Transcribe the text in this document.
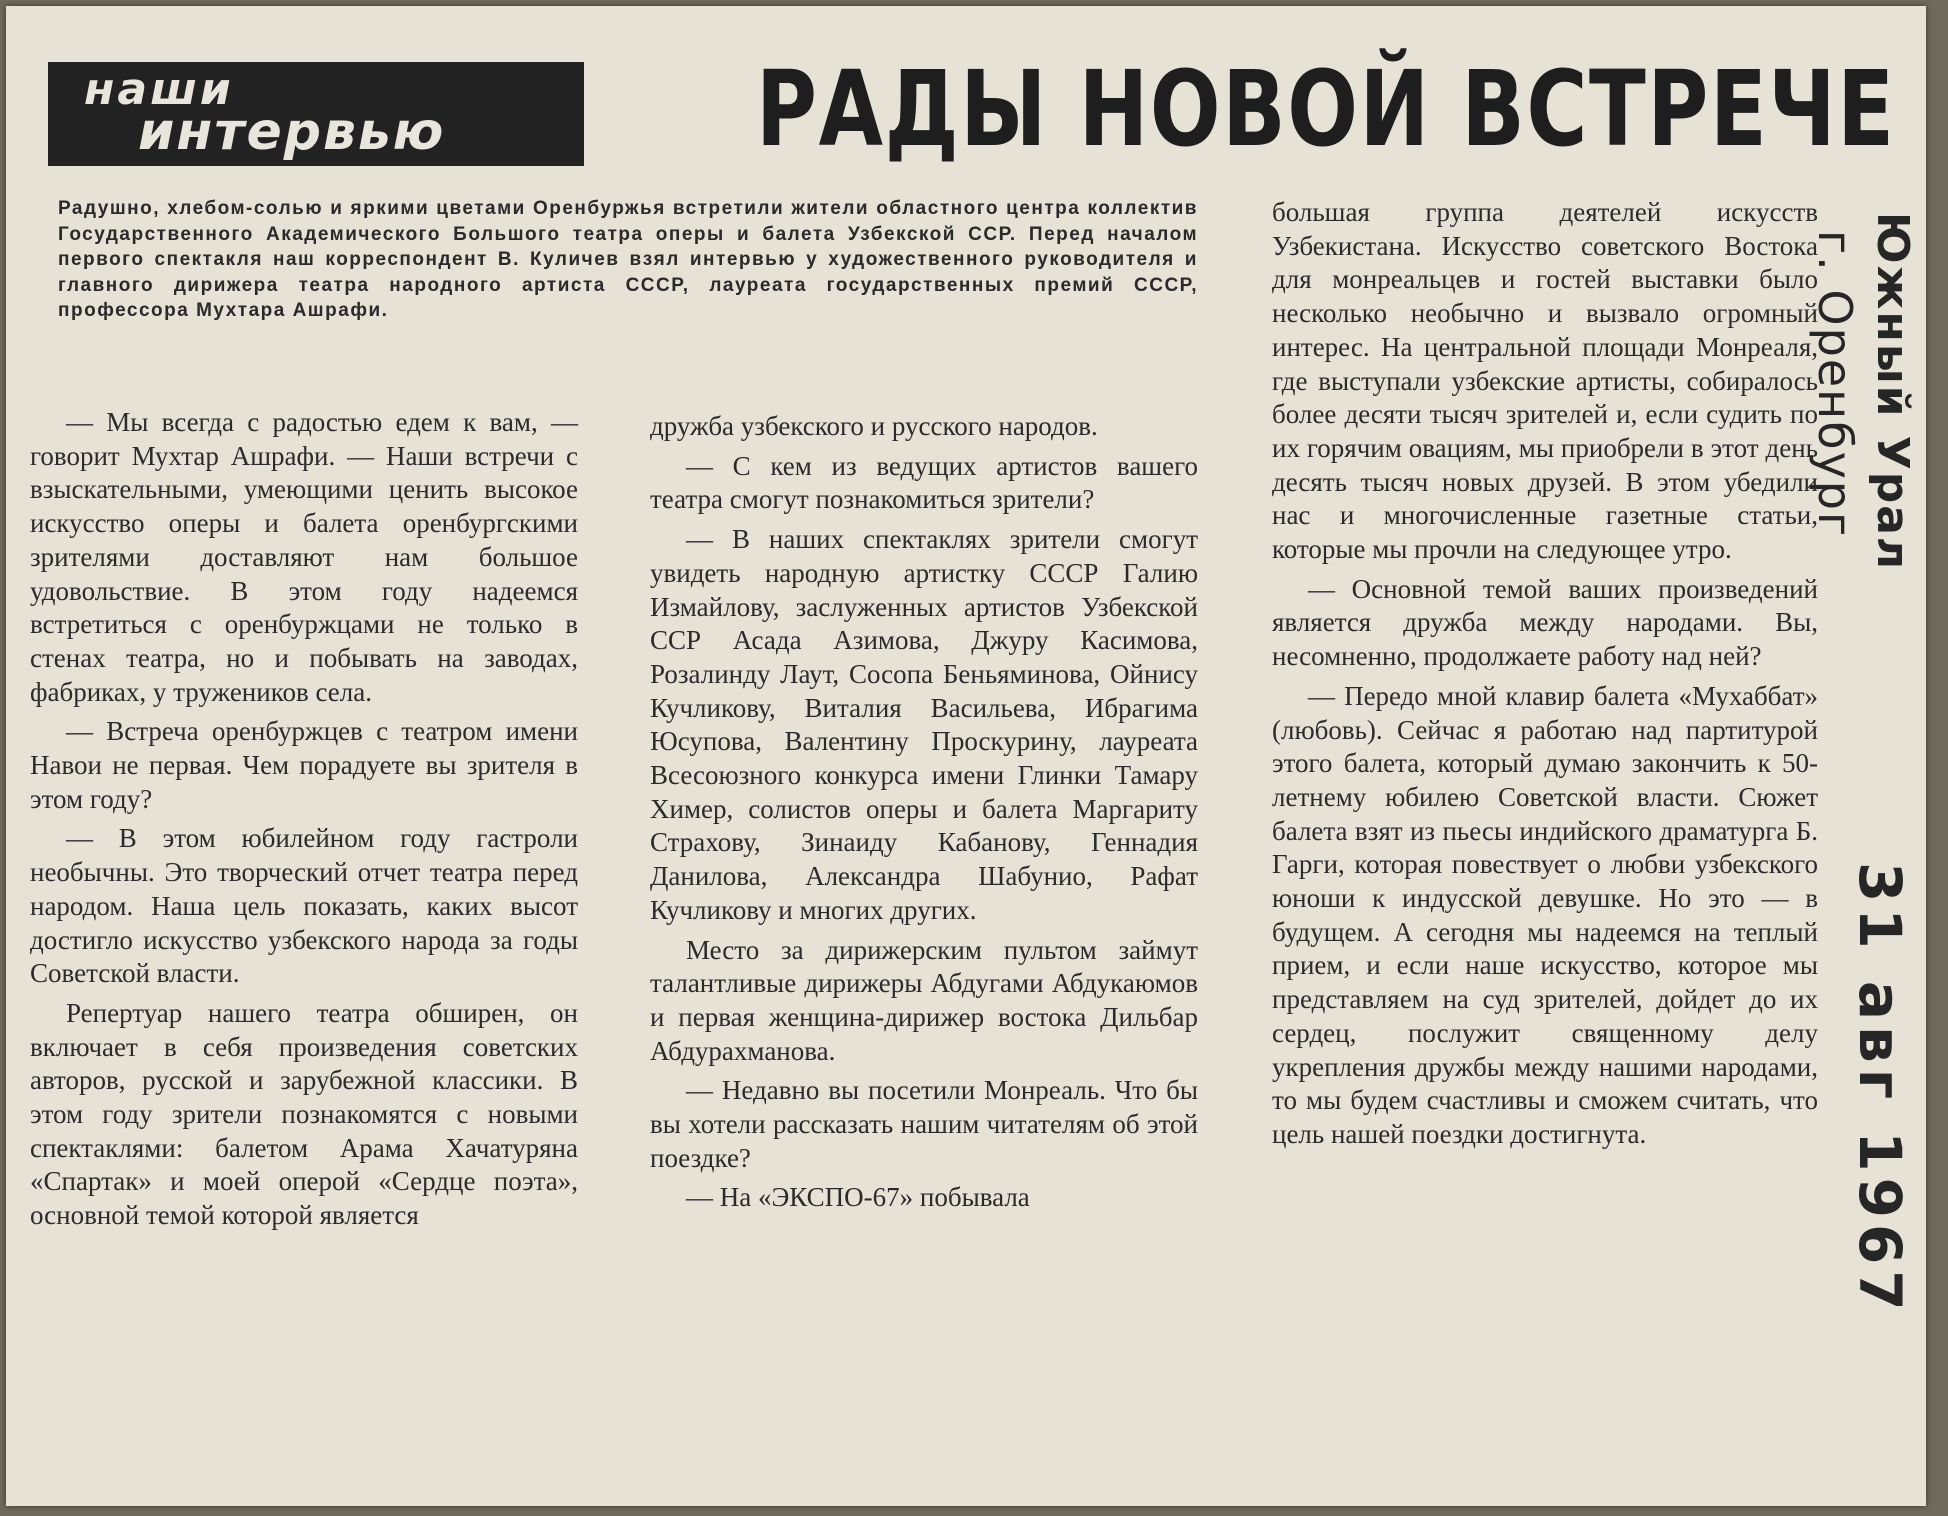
наши
интервью	РАДЫ НОВОЙ ВСТРЕЧЕ
Радушно, хлебом-солью и яркими цветами Оренбуржья встретили жители областного центра коллектив Государственного Академического Большого театра оперы и балета Узбекской ССР. Перед началом первого спектакля наш корреспондент В. Куличев взял интервью у художественного руководителя и главного дирижера театра народного артиста СССР, лауреата государственных премий СССР, профессора Мухтара Ашрафи.

— Мы всегда с радостью едем к вам, — говорит Мухтар Ашрафи. — Наши встречи с взыскательными, умеющими ценить высокое искусство оперы и балета оренбургскими зрителями доставляют нам большое удовольствие. В этом году надеемся встретиться с оренбуржцами не только в стенах театра, но и побывать на заводах, фабриках, у тружеников села.

— Встреча оренбуржцев с театром имени Навои не первая. Чем порадуете вы зрителя в этом году?

— В этом юбилейном году гастроли необычны. Это творческий отчет театра перед народом. Наша цель показать, каких высот достигло искусство узбекского народа за годы Советской власти.

Репертуар нашего театра обширен, он включает в себя произведения советских авторов, русской и зарубежной классики. В этом году зрители познакомятся с новыми спектаклями: балетом Арама Хачатуряна «Спартак» и моей оперой «Сердце поэта», основной темой которой является

дружба узбекского и русского народов.

— С кем из ведущих артистов вашего театра смогут познакомиться зрители?

— В наших спектаклях зрители смогут увидеть народную артистку СССР Галию Измайлову, заслуженных артистов Узбекской ССР Асада Азимова, Джуру Касимова, Розалинду Лаут, Сосопа Беньяминова, Ойнису Кучликову, Виталия Васильева, Ибрагима Юсупова, Валентину Проскурину, лауреата Всесоюзного конкурса имени Глинки Тамару Химер, солистов оперы и балета Маргариту Страхову, Зинаиду Кабанову, Геннадия Данилова, Александра Шабунио, Рафат Кучликову и многих других.

Место за дирижерским пультом займут талантливые дирижеры Абдугами Абдукаюмов и первая женщина-дирижер востока Дильбар Абдурахманова.

— Недавно вы посетили Монреаль. Что бы вы хотели рассказать нашим читателям об этой поездке?

— На «ЭКСПО-67» побывала

большая группа деятелей искусств Узбекистана. Искусство советского Востока для монреальцев и гостей выставки было несколько необычно и вызвало огромный интерес. На центральной площади Монреаля, где выступали узбекские артисты, собиралось более десяти тысяч зрителей и, если судить по их горячим овациям, мы приобрели в этот день десять тысяч новых друзей. В этом убедили нас и многочисленные газетные статьи, которые мы прочли на следующее утро.

— Основной темой ваших произведений является дружба между народами. Вы, несомненно, продолжаете работу над ней?

— Передо мной клавир балета «Мухаббат» (любовь). Сейчас я работаю над партитурой этого балета, который думаю закончить к 50-летнему юбилею Советской власти. Сюжет балета взят из пьесы индийского драматурга Б. Гарги, которая повествует о любви узбекского юноши к индусской девушке. Но это — в будущем. А сегодня мы надеемся на теплый прием, и если наше искусство, которое мы представляем на суд зрителей, дойдет до их сердец, послужит священному делу укрепления дружбы между нашими народами, то мы будем счастливы и сможем считать, что цель нашей поездки достигнута.

Южный Урал
г. Оренбург
31 авг 1967
